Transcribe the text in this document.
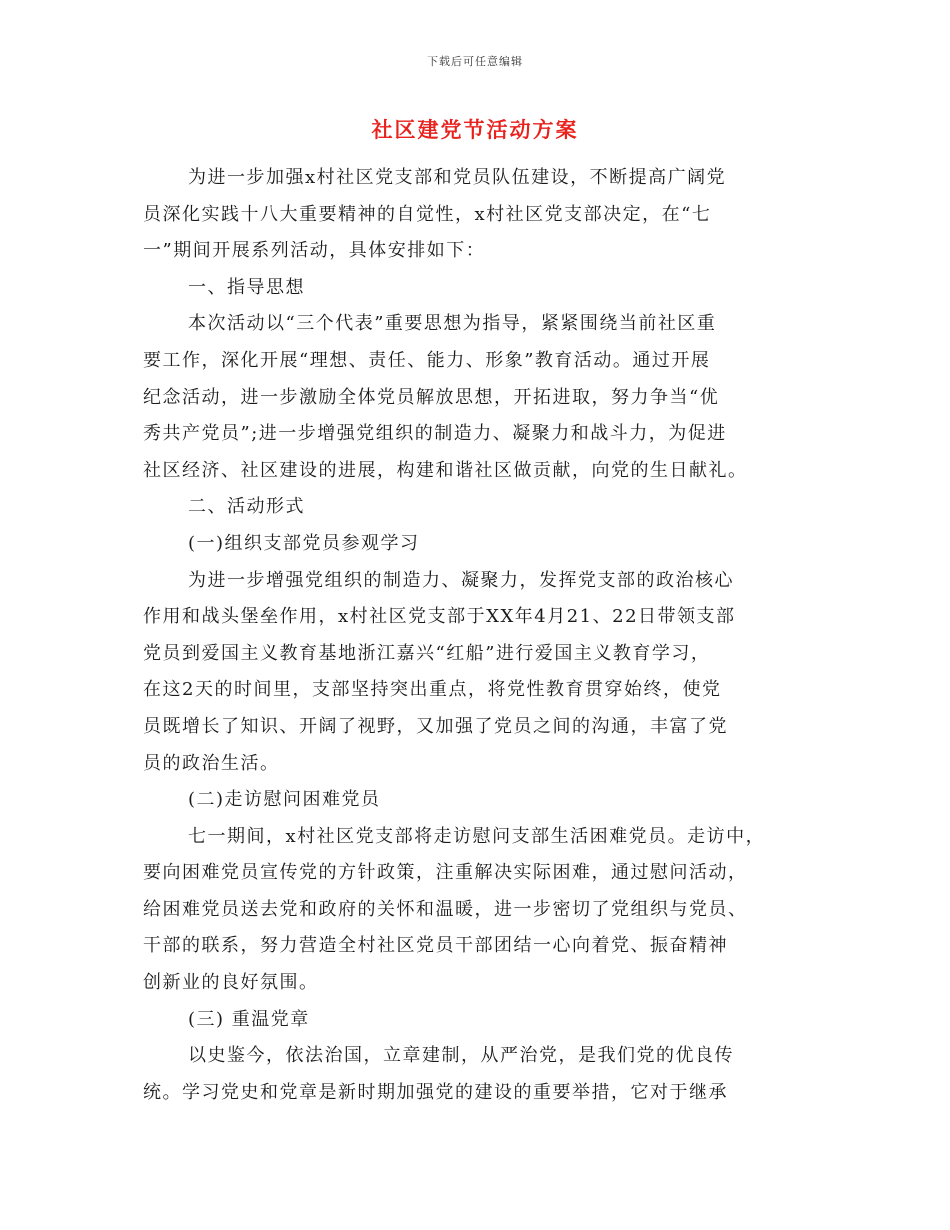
下载后可任意编辑
社区建党节活动方案
为进一步加强x村社区党支部和党员队伍建设，不断提高广阔党
员深化实践十八大重要精神的自觉性，x村社区党支部决定，在“七
一”期间开展系列活动，具体安排如下：
一、指导思想
本次活动以“三个代表”重要思想为指导，紧紧围绕当前社区重
要工作，深化开展“理想、责任、能力、形象”教育活动。通过开展
纪念活动，进一步激励全体党员解放思想，开拓进取，努力争当“优
秀共产党员”;进一步增强党组织的制造力、凝聚力和战斗力，为促进
社区经济、社区建设的进展，构建和谐社区做贡献，向党的生日献礼。
二、活动形式
(一)组织支部党员参观学习
为进一步增强党组织的制造力、凝聚力，发挥党支部的政治核心
作用和战头堡垒作用，x村社区党支部于XX年4月21、22日带领支部
党员到爱国主义教育基地浙江嘉兴“红船”进行爱国主义教育学习，
在这2天的时间里，支部坚持突出重点，将党性教育贯穿始终，使党
员既增长了知识、开阔了视野，又加强了党员之间的沟通，丰富了党
员的政治生活。
(二)走访慰问困难党员
七一期间，x村社区党支部将走访慰问支部生活困难党员。走访中，
要向困难党员宣传党的方针政策，注重解决实际困难，通过慰问活动，
给困难党员送去党和政府的关怀和温暖，进一步密切了党组织与党员、
干部的联系，努力营造全村社区党员干部团结一心向着党、振奋精神
创新业的良好氛围。
(三) 重温党章
以史鉴今，依法治国，立章建制，从严治党，是我们党的优良传
统。学习党史和党章是新时期加强党的建设的重要举措，它对于继承
